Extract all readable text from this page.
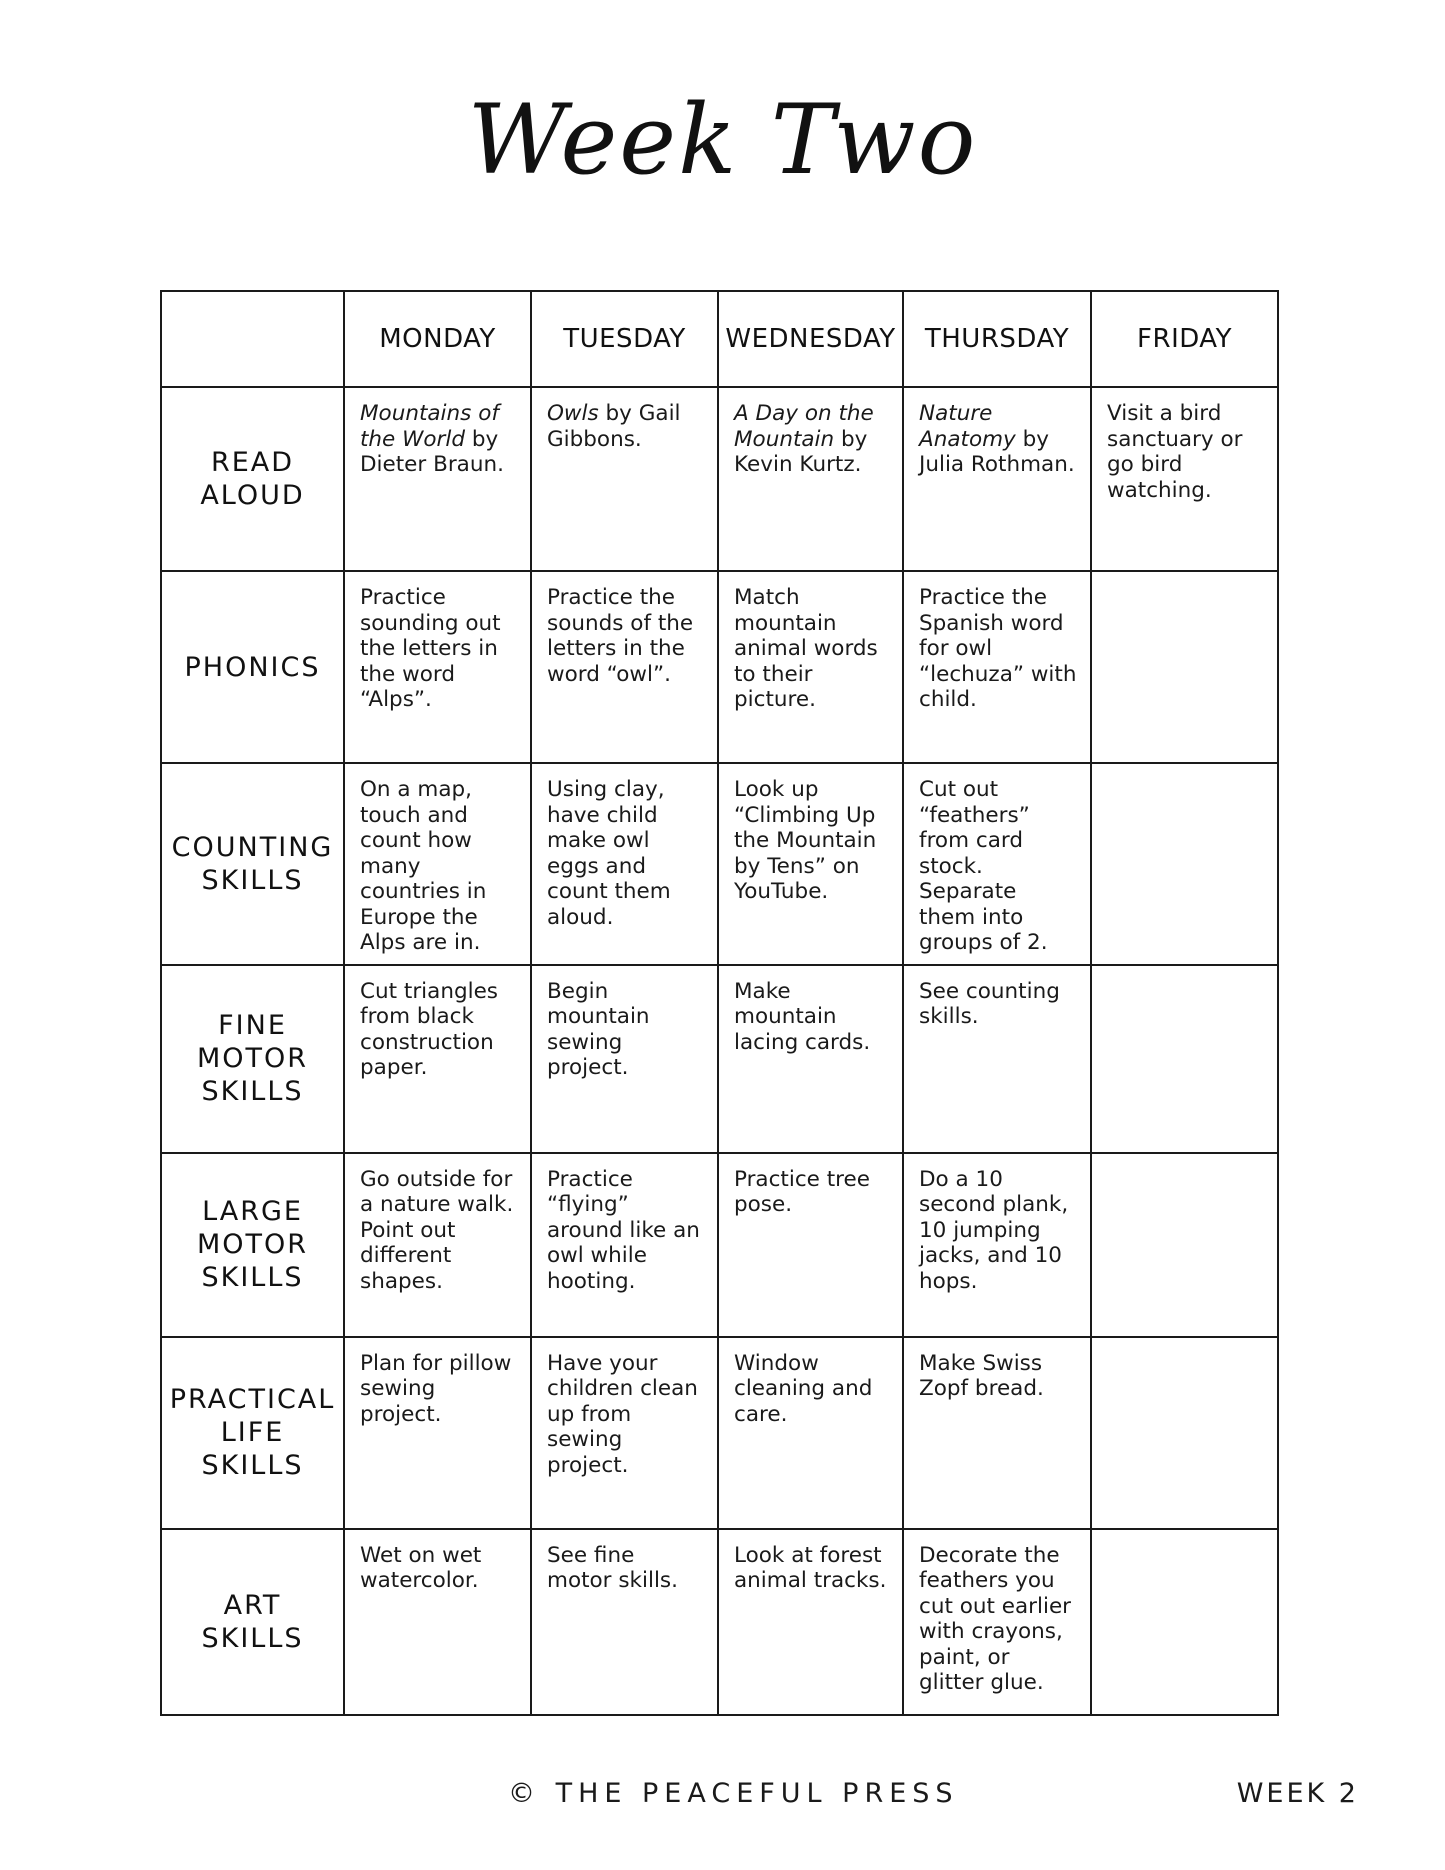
Week Two
	MONDAY	TUESDAY	WEDNESDAY	THURSDAY	FRIDAY

READ
ALOUD	Mountains of the World by Dieter Braun.	Owls by Gail Gibbons.	A Day on the Mountain by Kevin Kurtz.	Nature Anatomy by Julia Rothman.	Visit a bird sanctuary or go bird watching.

PHONICS	Practice sounding out the letters in the word “Alps”.	Practice the sounds of the letters in the word “owl”.	Match mountain animal words to their picture.	Practice the Spanish word for owl “lechuza” with child.	

COUNTING
SKILLS	On a map, touch and count how many countries in Europe the Alps are in.	Using clay, have child make owl eggs and count them aloud.	Look up “Climbing Up the Mountain by Tens” on YouTube.	Cut out “feathers” from card stock. Separate them into groups of 2.	

FINE
MOTOR
SKILLS	Cut triangles from black construction paper.	Begin mountain sewing project.	Make mountain lacing cards.	See counting skills.	

LARGE
MOTOR
SKILLS	Go outside for a nature walk. Point out different shapes.	Practice “flying” around like an owl while hooting.	Practice tree pose.	Do a 10 second plank, 10 jumping jacks, and 10 hops.	

PRACTICAL
LIFE
SKILLS	Plan for pillow sewing project.	Have your children clean up from sewing project.	Window cleaning and care.	Make Swiss Zopf bread.	

ART
SKILLS	Wet on wet watercolor.	See fine motor skills.	Look at forest animal tracks.	Decorate the feathers you cut out earlier with crayons, paint, or glitter glue.	

© THE PEACEFUL PRESS	WEEK 2
